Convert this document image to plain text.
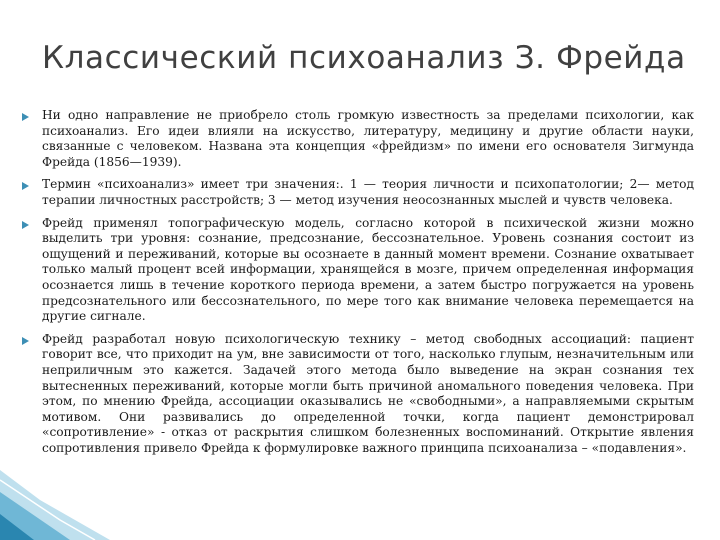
Классический психоанализ З. Фрейда
Ни одно направление не приобрело столь громкую известность за пределами психологии, как психоанализ. Его идеи влияли на искусство, литературу, медицину и другие области науки, связанные с человеком. Названа эта концепция «фрейдизм» по имени его основателя Зигмунда Фрейда (1856—1939).
Термин «психоанализ» имеет три значения:. 1 — теория личности и психопатологии; 2— метод терапии личностных расстройств; 3 — метод изучения неосознанных мыслей и чувств человека.
Фрейд применял топографическую модель, согласно которой в психической жизни можно выделить три уровня: сознание, предсознание, бессознательное. Уровень сознания состоит из ощущений и переживаний, которые вы осознаете в данный момент времени. Сознание охватывает только малый процент всей информации, хранящейся в мозге, причем определенная информация осознается лишь в течение короткого периода времени, а затем быстро погружается на уровень предсознательного или бессознательного, по мере того как внимание человека перемещается на другие сигнале.
Фрейд разработал новую психологическую технику – метод свободных ассоциаций: пациент говорит все, что приходит на ум, вне зависимости от того, насколько глупым, незначительным или неприличным это кажется. Задачей этого метода было выведение на экран сознания тех вытесненных переживаний, которые могли быть причиной аномального поведения человека. При этом, по мнению Фрейда, ассоциации оказывались не «свободными», а направляемыми скрытым мотивом. Они развивались до определенной точки, когда пациент демонстрировал «сопротивление» - отказ от раскрытия слишком болезненных воспоминаний. Открытие явления сопротивления привело Фрейда к формулировке важного принципа психоанализа – «подавления».
